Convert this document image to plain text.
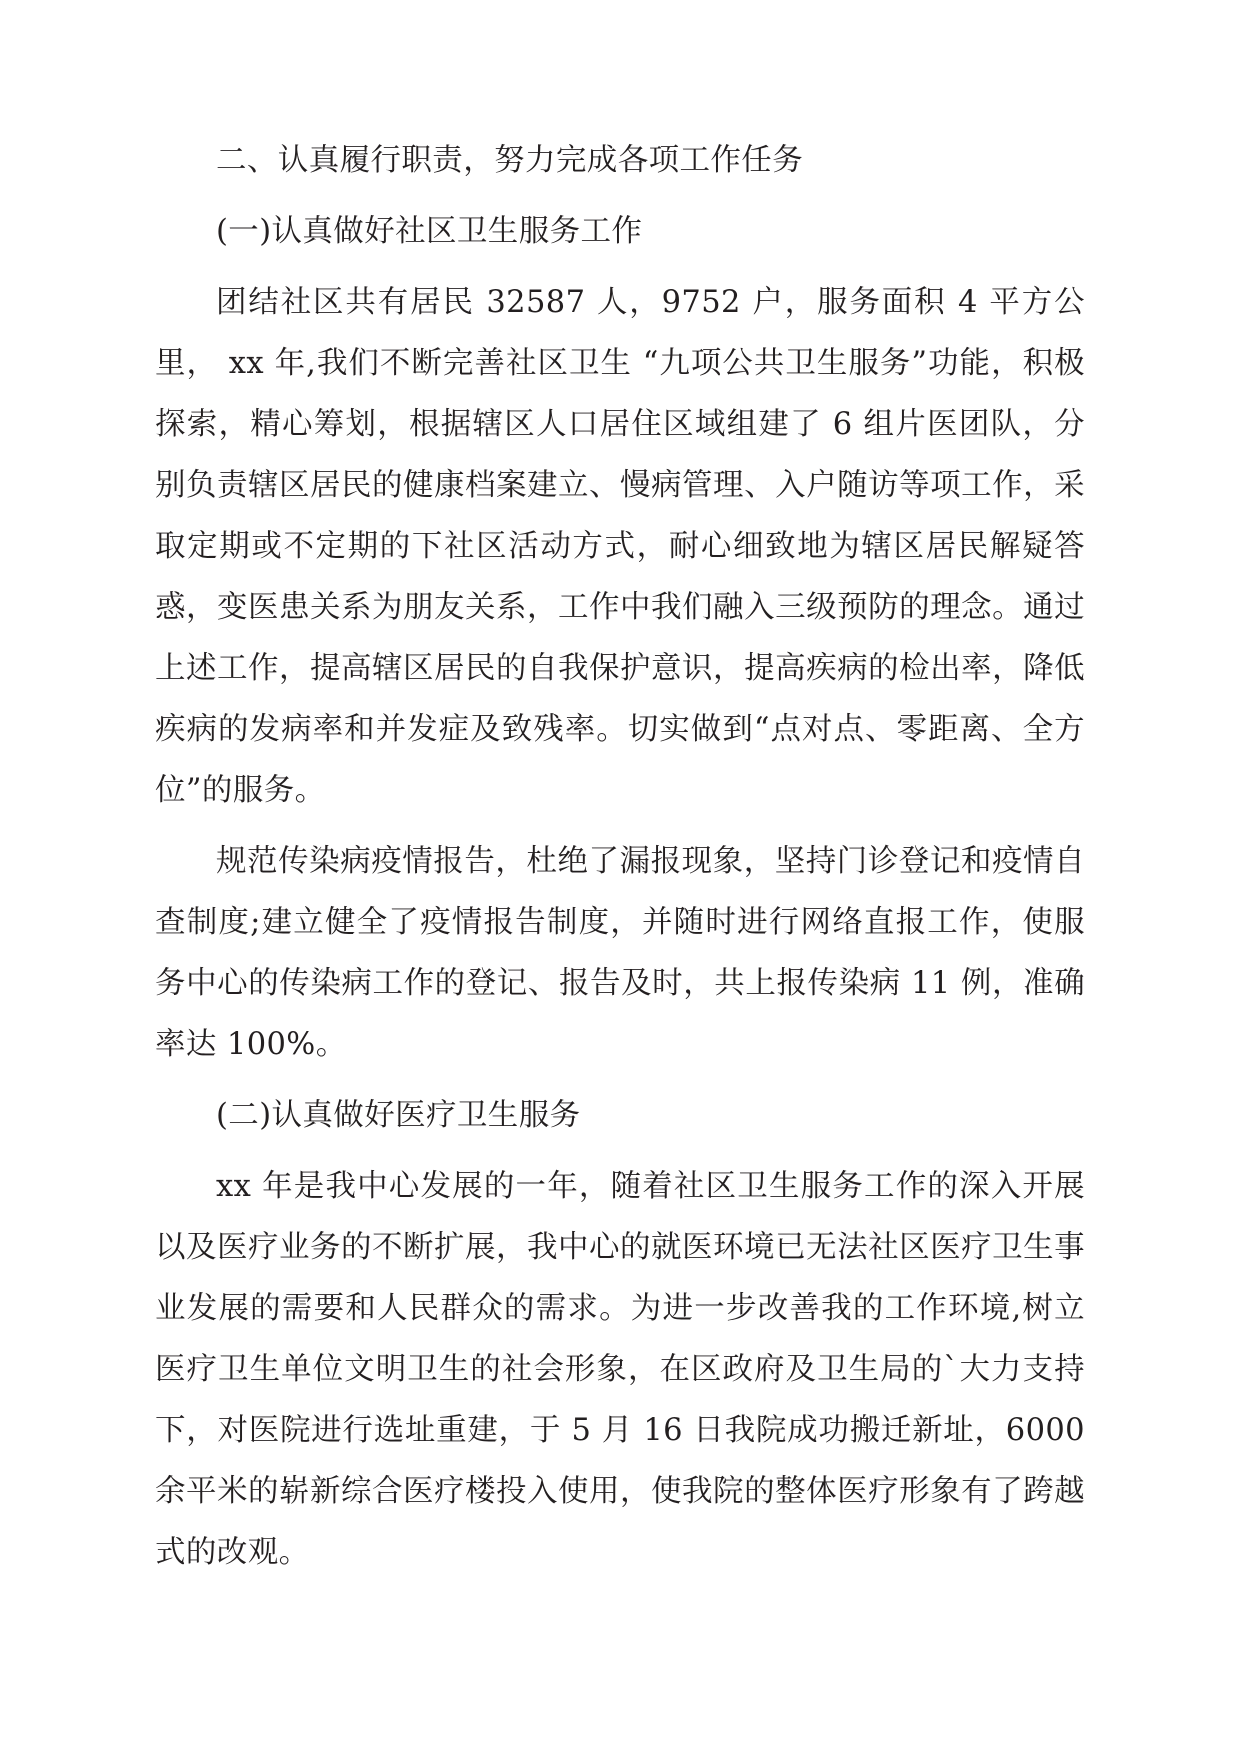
二、认真履行职责，努力完成各项工作任务

(一)认真做好社区卫生服务工作

团结社区共有居民 32587 人，9752 户，服务面积 4 平方公里， xx 年,我们不断完善社区卫生 “九项公共卫生服务”功能，积极探索，精心筹划，根据辖区人口居住区域组建了 6 组片医团队，分别负责辖区居民的健康档案建立、慢病管理、入户随访等项工作，采取定期或不定期的下社区活动方式，耐心细致地为辖区居民解疑答惑，变医患关系为朋友关系，工作中我们融入三级预防的理念。通过上述工作，提高辖区居民的自我保护意识，提高疾病的检出率，降低疾病的发病率和并发症及致残率。切实做到“点对点、零距离、全方位”的服务。

规范传染病疫情报告，杜绝了漏报现象，坚持门诊登记和疫情自查制度;建立健全了疫情报告制度，并随时进行网络直报工作，使服务中心的传染病工作的登记、报告及时，共上报传染病 11 例，准确率达 100%。

(二)认真做好医疗卫生服务

xx 年是我中心发展的一年，随着社区卫生服务工作的深入开展以及医疗业务的不断扩展，我中心的就医环境已无法社区医疗卫生事业发展的需要和人民群众的需求。为进一步改善我的工作环境,树立医疗卫生单位文明卫生的社会形象，在区政府及卫生局的`大力支持下，对医院进行选址重建，于 5 月 16 日我院成功搬迁新址，6000 余平米的崭新综合医疗楼投入使用，使我院的整体医疗形象有了跨越式的改观。
